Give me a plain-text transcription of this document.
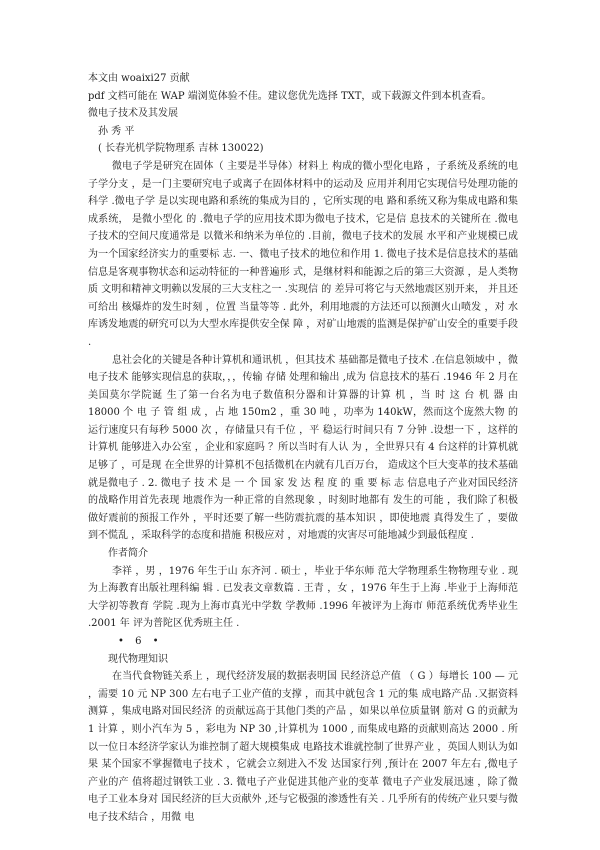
本文由 woaixi27 贡献
pdf 文档可能在 WAP 端浏览体验不佳。建议您优先选择 TXT，或下载源文件到本机查看。
微电子技术及其发展
孙 秀 平
( 长春光机学院物理系 吉林 130022)
微电子学是研究在固体（ 主要是半导体）材料上 构成的微小型化电路 ，子系统及系统的电子学分支 ，是一门主要研究电子或离子在固体材料中的运动及 应用并利用它实现信号处理功能的科学 .微电子学 是以实现电路和系统的集成为目的 ，它所实现的电 路和系统又称为集成电路和集成系统， 是微小型化 的 .微电子学的应用技术即为微电子技术，它是信 息技术的关键所在 .微电子技术的空间尺度通常是 以微米和纳米为单位的 .目前，微电子技术的发展 水平和产业规模已成为一个国家经济实力的重要标 志. 一、微电子技术的地位和作用 1. 微电子技术是信息技术的基础 信息是客观事物状态和运动特征的一种普遍形 式，是继材料和能源之后的第三大资源 ，是人类物质 文明和精神文明赖以发展的三大支柱之一 .实现信 的 差异可将它与天然地震区别开来， 并且还可给出 核爆炸的发生时刻 ，位置 当量等等 . 此外，利用地震的方法还可以预测火山喷发 ，对 水库诱发地震的研究可以为大型水库提供安全保 障 ，对矿山地震的监测是保护矿山安全的重要手段 .
息社会化的关键是各种计算机和通讯机 ，但其技术 基础都是微电子技术 .在信息领域中 ，微电子技术 能够实现信息的获取，，，传输 存储 处理和输出 ,成为 信息技术的基石 .1946 年 2 月在美国莫尔学院诞 生了第一台名为电子数值积分器和计算器的计算 机 ，当 时 这 台 机 器 由 18000 个 电 子 管 组 成 ，占 地 150m2 ，重 30 吨 ，功率为 140kW，然而这个庞然大物 的运行速度只有每秒 5000 次 ，存储量只有千位 ，平 稳运行时间只有 7 分钟 .设想一下 ，这样的计算机 能够进入办公室 ，企业和家庭吗 ？所以当时有人认 为 ，全世界只有 4 台这样的计算机就足够了 ，可是现 在全世界的计算机不包括微机在内就有几百万台， 造成这个巨大变革的技术基础就是微电子 . 2. 微电子 技 术 是 一 个 国 家 发 达 程 度 的 重 要 标 志 信息电子产业对国民经济的战略作用首先表现 地震作为一种正常的自然现象 ，时刻时地都有 发生的可能 ，我们除了积极做好震前的预报工作外 ，平时还要了解一些防震抗震的基本知识 ，即使地震 真得发生了 ，要做到不慌乱 ，采取科学的态度和措施 积极应对 ，对地震的灾害尽可能地减少到最低程度 .
作者简介
李祥 ，男 ，1976 年生于山 东齐河 . 硕士 ，毕业于华东师 范大学物理系生物物理专业 . 现为上海教育出版社理科编 辑 . 已发表文章数篇 . 王青 ，女 ，1976 年生于上海 .毕业于上海师范大学初等教育 学院 .现为上海市真光中学数 学教师 .1996 年被评为上海市 师范系统优秀毕业生 .2001 年 评为普陀区优秀班主任 .
• 6 •
现代物理知识
在当代食物链关系上 ，现代经济发展的数据表明国 民经济总产值 （ G ）每增长 100 — 元 ，需要 10 元 NP 300 左右电子工业产值的支撑 ，而其中就包含 1 元的集 成电路产品 .又据资料测算 ，集成电路对国民经济 的贡献远高于其他门类的产品 ，如果以单位质量钢 筋对 G 的贡献为 1 计算 ，则小汽车为 5 ，彩电为 NP 30 ,计算机为 1000 , 而集成电路的贡献则高达 2000 . 所以一位日本经济学家认为谁控制了超大规模集成 电路技术谁就控制了世界产业 ，英国人则认为如果 某个国家不掌握微电子技术 ，它就会立刻进入不发 达国家行列 ,预计在 2007 年左右 ,微电子产业的产 值将超过钢铁工业 . 3. 微电子产业促进其他产业的变革 微电子产业发展迅速 ，除了微电子工业本身对 国民经济的巨大贡献外 ,还与它极强的渗透性有关 . 几乎所有的传统产业只要与微电子技术结合 ，用微 电
